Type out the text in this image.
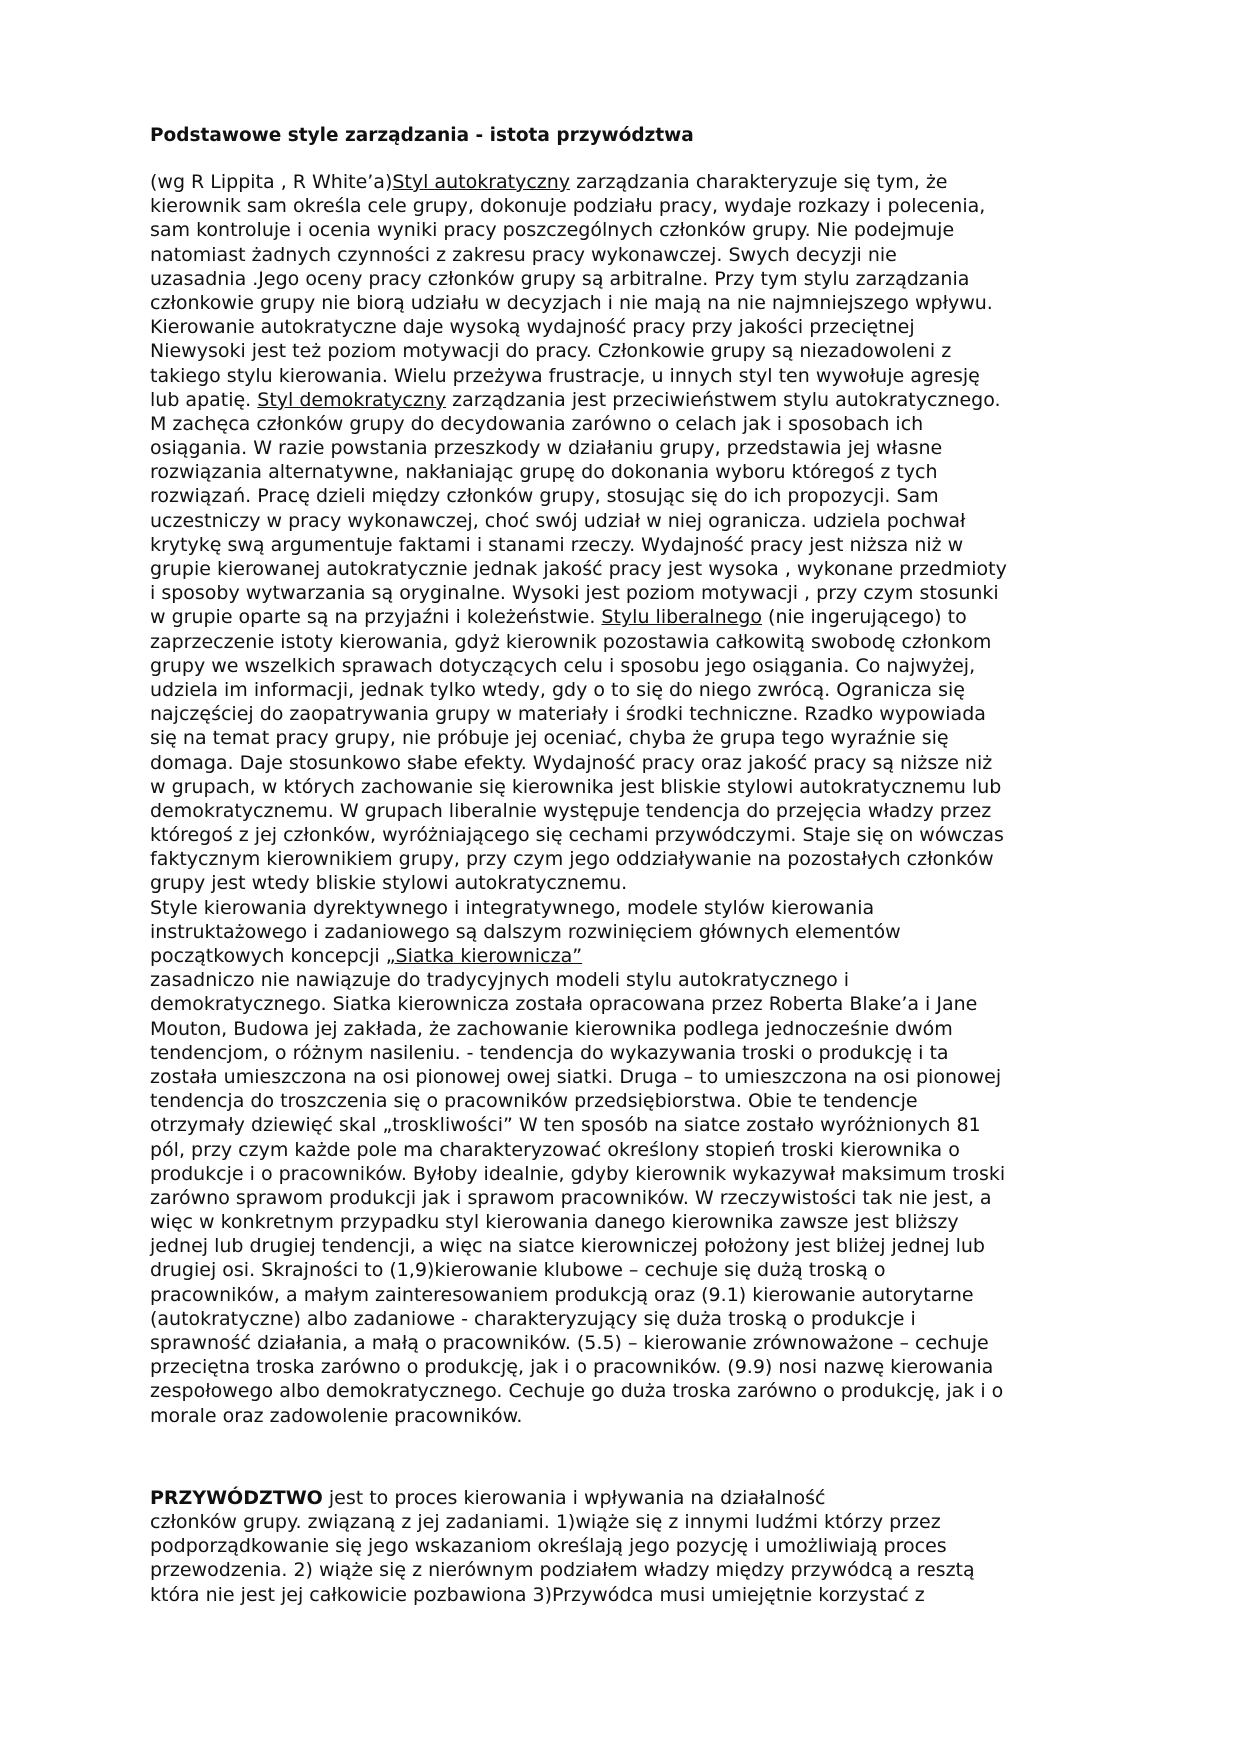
Podstawowe style zarządzania - istota przywództwa
(wg R Lippita , R White’a)Styl autokratyczny zarządzania charakteryzuje się tym, że
kierownik sam określa cele grupy, dokonuje podziału pracy, wydaje rozkazy i polecenia,
sam kontroluje i ocenia wyniki pracy poszczególnych członków grupy. Nie podejmuje
natomiast żadnych czynności z zakresu pracy wykonawczej. Swych decyzji nie
uzasadnia .Jego oceny pracy członków grupy są arbitralne. Przy tym stylu zarządzania
członkowie grupy nie biorą udziału w decyzjach i nie mają na nie najmniejszego wpływu.
Kierowanie autokratyczne daje wysoką wydajność pracy przy jakości przeciętnej
Niewysoki jest też poziom motywacji do pracy. Członkowie grupy są niezadowoleni z
takiego stylu kierowania. Wielu przeżywa frustracje, u innych styl ten wywołuje agresję
lub apatię. Styl demokratyczny zarządzania jest przeciwieństwem stylu autokratycznego.
M zachęca członków grupy do decydowania zarówno o celach jak i sposobach ich
osiągania. W razie powstania przeszkody w działaniu grupy, przedstawia jej własne
rozwiązania alternatywne, nakłaniając grupę do dokonania wyboru któregoś z tych
rozwiązań. Pracę dzieli między członków grupy, stosując się do ich propozycji. Sam
uczestniczy w pracy wykonawczej, choć swój udział w niej ogranicza. udziela pochwał
krytykę swą argumentuje faktami i stanami rzeczy. Wydajność pracy jest niższa niż w
grupie kierowanej autokratycznie jednak jakość pracy jest wysoka , wykonane przedmioty
i sposoby wytwarzania są oryginalne. Wysoki jest poziom motywacji , przy czym stosunki
w grupie oparte są na przyjaźni i koleżeństwie. Stylu liberalnego (nie ingerującego) to
zaprzeczenie istoty kierowania, gdyż kierownik pozostawia całkowitą swobodę członkom
grupy we wszelkich sprawach dotyczących celu i sposobu jego osiągania. Co najwyżej,
udziela im informacji, jednak tylko wtedy, gdy o to się do niego zwrócą. Ogranicza się
najczęściej do zaopatrywania grupy w materiały i środki techniczne. Rzadko wypowiada
się na temat pracy grupy, nie próbuje jej oceniać, chyba że grupa tego wyraźnie się
domaga. Daje stosunkowo słabe efekty. Wydajność pracy oraz jakość pracy są niższe niż
w grupach, w których zachowanie się kierownika jest bliskie stylowi autokratycznemu lub
demokratycznemu. W grupach liberalnie występuje tendencja do przejęcia władzy przez
któregoś z jej członków, wyróżniającego się cechami przywódczymi. Staje się on wówczas
faktycznym kierownikiem grupy, przy czym jego oddziaływanie na pozostałych członków
grupy jest wtedy bliskie stylowi autokratycznemu.
Style kierowania dyrektywnego i integratywnego, modele stylów kierowania
instruktażowego i zadaniowego są dalszym rozwinięciem głównych elementów
początkowych koncepcji „Siatka kierownicza”
zasadniczo nie nawiązuje do tradycyjnych modeli stylu autokratycznego i
demokratycznego. Siatka kierownicza została opracowana przez Roberta Blake’a i Jane
Mouton, Budowa jej zakłada, że zachowanie kierownika podlega jednocześnie dwóm
tendencjom, o różnym nasileniu. - tendencja do wykazywania troski o produkcję i ta
została umieszczona na osi pionowej owej siatki. Druga – to umieszczona na osi pionowej
tendencja do troszczenia się o pracowników przedsiębiorstwa. Obie te tendencje
otrzymały dziewięć skal „troskliwości” W ten sposób na siatce zostało wyróżnionych 81
pól, przy czym każde pole ma charakteryzować określony stopień troski kierownika o
produkcje i o pracowników. Byłoby idealnie, gdyby kierownik wykazywał maksimum troski
zarówno sprawom produkcji jak i sprawom pracowników. W rzeczywistości tak nie jest, a
więc w konkretnym przypadku styl kierowania danego kierownika zawsze jest bliższy
jednej lub drugiej tendencji, a więc na siatce kierowniczej położony jest bliżej jednej lub
drugiej osi. Skrajności to (1,9)kierowanie klubowe – cechuje się dużą troską o
pracowników, a małym zainteresowaniem produkcją oraz (9.1) kierowanie autorytarne
(autokratyczne) albo zadaniowe - charakteryzujący się duża troską o produkcje i
sprawność działania, a małą o pracowników. (5.5) – kierowanie zrównoważone – cechuje
przeciętna troska zarówno o produkcję, jak i o pracowników. (9.9) nosi nazwę kierowania
zespołowego albo demokratycznego. Cechuje go duża troska zarówno o produkcję, jak i o
morale oraz zadowolenie pracowników.
PRZYWÓDZTWO jest to proces kierowania i wpływania na działalność
członków grupy. związaną z jej zadaniami. 1)wiąże się z innymi ludźmi którzy przez
podporządkowanie się jego wskazaniom określają jego pozycję i umożliwiają proces
przewodzenia. 2) wiąże się z nierównym podziałem władzy między przywódcą a resztą
która nie jest jej całkowicie pozbawiona 3)Przywódca musi umiejętnie korzystać z
